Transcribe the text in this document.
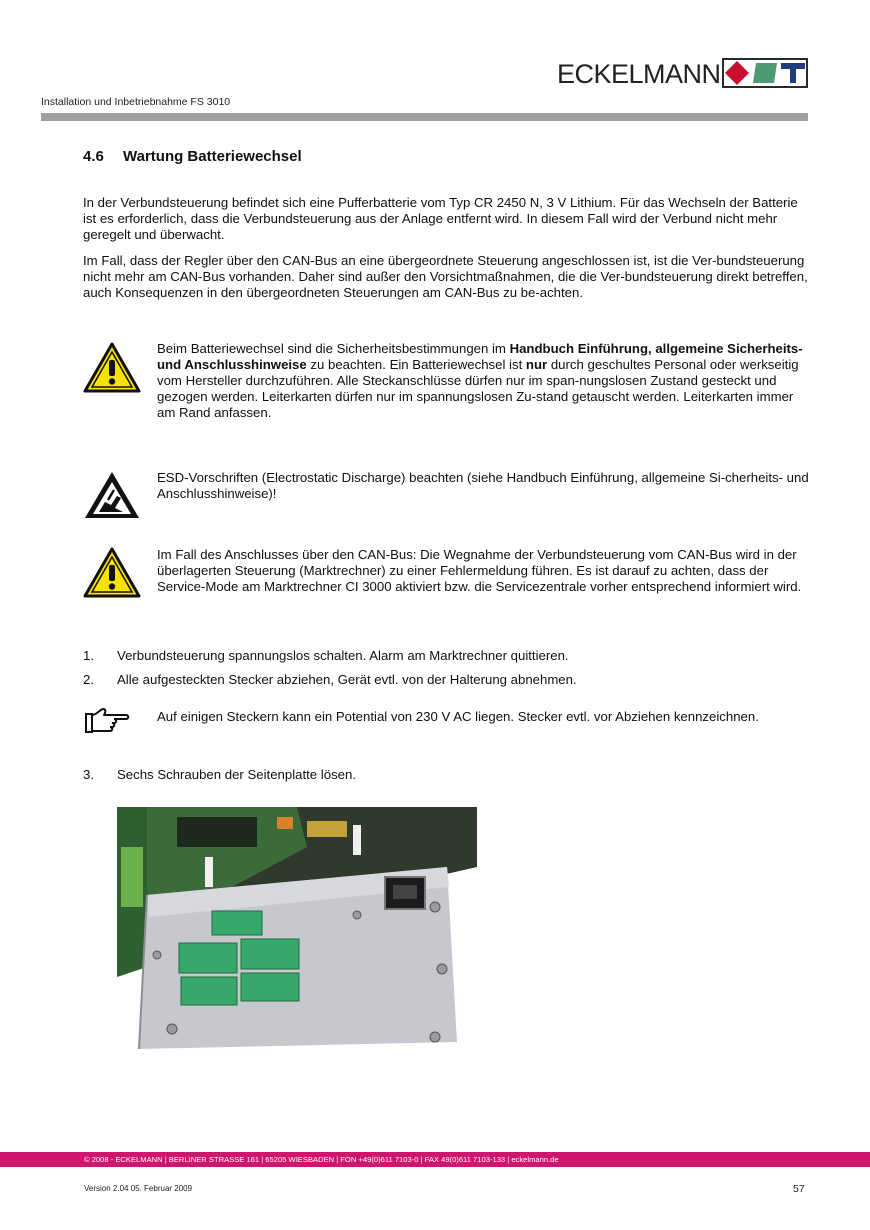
ECKELMANN
Installation und Inbetriebnahme FS 3010
4.6 Wartung Batteriewechsel
In der Verbundsteuerung befindet sich eine Pufferbatterie vom Typ CR 2450 N, 3 V Lithium. Für das Wechseln der Batterie ist es erforderlich, dass die Verbundsteuerung aus der Anlage entfernt wird. In diesem Fall wird der Verbund nicht mehr geregelt und überwacht.
Im Fall, dass der Regler über den CAN-Bus an eine übergeordnete Steuerung angeschlossen ist, ist die Ver-bundsteuerung nicht mehr am CAN-Bus vorhanden. Daher sind außer den Vorsichtmaßnahmen, die die Ver-bundsteuerung direkt betreffen, auch Konsequenzen in den übergeordneten Steuerungen am CAN-Bus zu be-achten.
Beim Batteriewechsel sind die Sicherheitsbestimmungen im Handbuch Einführung, allgemeine Sicherheits- und Anschlusshinweise zu beachten. Ein Batteriewechsel ist nur durch geschultes Personal oder werkseitig vom Hersteller durchzuführen. Alle Steckanschlüsse dürfen nur im span-nungslosen Zustand gesteckt und gezogen werden. Leiterkarten dürfen nur im spannungslosen Zu-stand getauscht werden. Leiterkarten immer am Rand anfassen.
ESD-Vorschriften (Electrostatic Discharge) beachten (siehe Handbuch Einführung, allgemeine Si-cherheits- und Anschlusshinweise)!
Im Fall des Anschlusses über den CAN-Bus: Die Wegnahme der Verbundsteuerung vom CAN-Bus wird in der überlagerten Steuerung (Marktrechner) zu einer Fehlermeldung führen. Es ist darauf zu achten, dass der Service-Mode am Marktrechner CI 3000 aktiviert bzw. die Servicezentrale vorher entsprechend informiert wird.
1. Verbundsteuerung spannungslos schalten. Alarm am Marktrechner quittieren.
2. Alle aufgesteckten Stecker abziehen, Gerät evtl. von der Halterung abnehmen.
Auf einigen Steckern kann ein Potential von 230 V AC liegen. Stecker evtl. vor Abziehen kennzeichnen.
3. Sechs Schrauben der Seitenplatte lösen.
© 2008 - ECKELMANN | BERLINER STRASSE 161 | 65205 WIESBADEN | FON +49(0)611 7103-0 | FAX 49(0)611 7103-133 | eckelmann.de
Version 2.04 05. Februar 2009	57
